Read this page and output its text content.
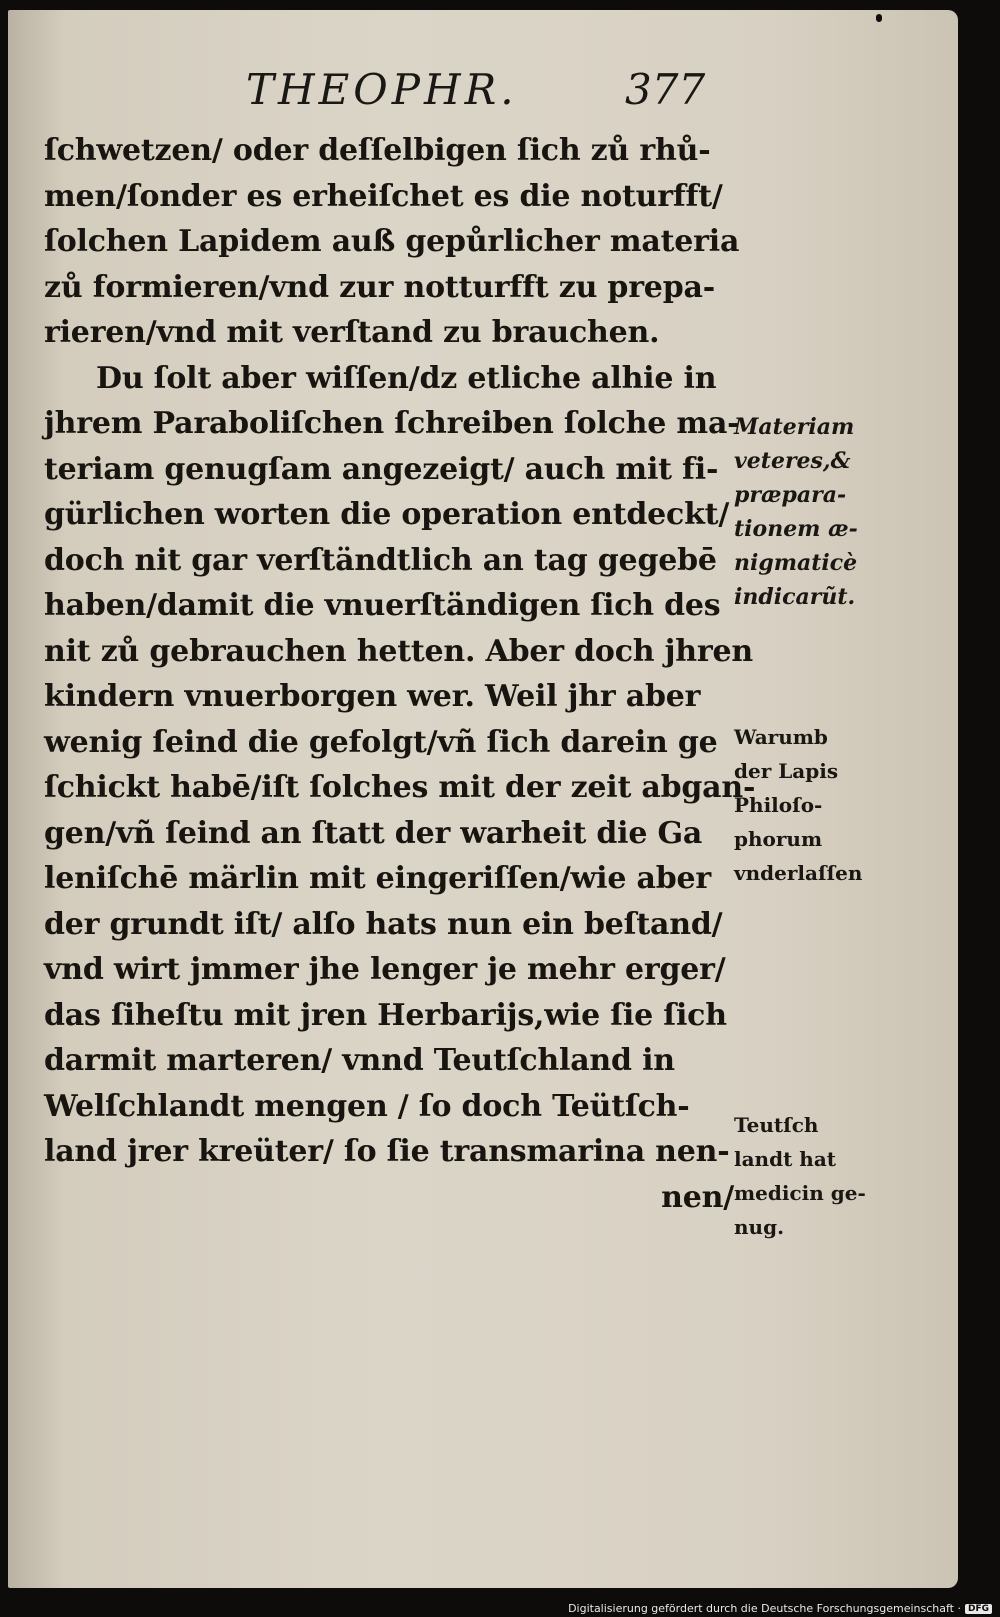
THEOPHR.	377
ſchwetzen/ oder deſſelbigen ſich zů rhů-
men/ſonder es erheiſchet es die noturfft/
ſolchen Lapidem auß gepůrlicher materia
zů formieren/vnd zur notturfft zu prepa-
rieren/vnd mit verſtand zu brauchen.
Du ſolt aber wiſſen/dz etliche alhie in
jhrem Paraboliſchen ſchreiben ſolche ma-
teriam genugſam angezeigt/ auch mit fi-
gürlichen worten die operation entdeckt/
doch nit gar verſtändtlich an tag gegebē
haben/damit die vnuerſtändigen ſich des
nit zů gebrauchen hetten. Aber doch jhren
kindern vnuerborgen wer. Weil jhr aber
wenig ſeind die gefolgt/vñ ſich darein ge
ſchickt habē/iſt ſolches mit der zeit abgan-
gen/vñ ſeind an ſtatt der warheit die Ga
leniſchē märlin mit eingeriſſen/wie aber
der grundt iſt/ alſo hats nun ein beſtand/
vnd wirt jmmer jhe lenger je mehr erger/
das ſiheſtu mit jren Herbarijs,wie ſie ſich
darmit marteren/ vnnd Teutſchland in
Welſchlandt mengen / ſo doch Teütſch-
land jrer kreüter/ ſo ſie transmarina nen-
nen/
Materiam
veteres,&
præpara-
tionem æ-
nigmaticè
indicarũt.
Warumb
der Lapis
Philoſo-
phorum
vnderlaſſen
Teutſch
landt hat
medicin ge-
nug.
Digitalisierung gefördert durch die Deutsche Forschungsgemeinschaft · DFG
